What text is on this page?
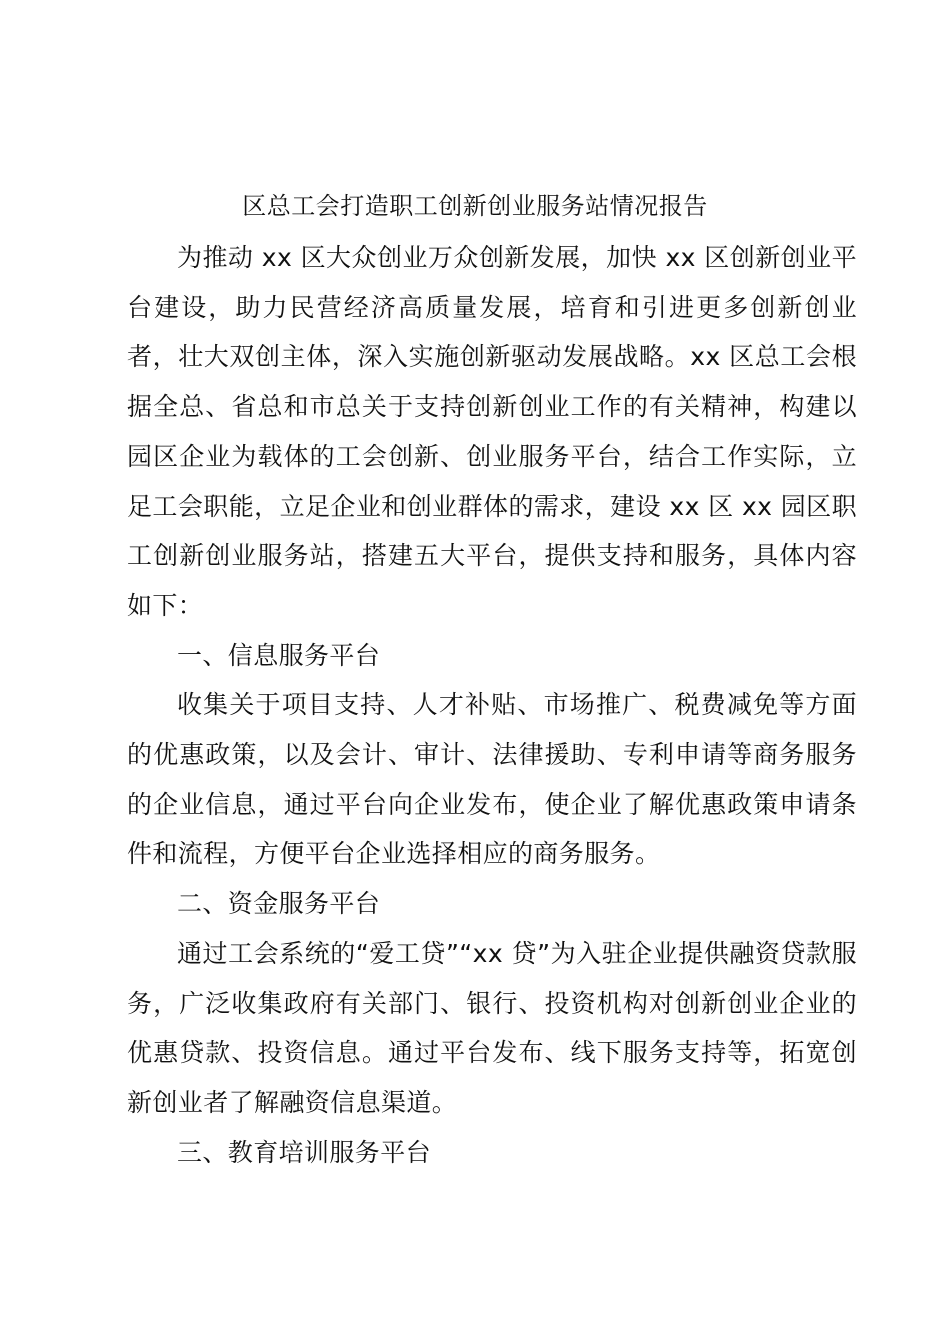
区总工会打造职工创新创业服务站情况报告

为推动 xx 区大众创业万众创新发展，加快 xx 区创新创业平台建设，助力民营经济高质量发展，培育和引进更多创新创业者，壮大双创主体，深入实施创新驱动发展战略。xx 区总工会根据全总、省总和市总关于支持创新创业工作的有关精神，构建以园区企业为载体的工会创新、创业服务平台，结合工作实际，立足工会职能，立足企业和创业群体的需求，建设 xx 区 xx 园区职工创新创业服务站，搭建五大平台，提供支持和服务，具体内容如下：

一、信息服务平台

收集关于项目支持、人才补贴、市场推广、税费减免等方面的优惠政策，以及会计、审计、法律援助、专利申请等商务服务的企业信息，通过平台向企业发布，使企业了解优惠政策申请条件和流程，方便平台企业选择相应的商务服务。

二、资金服务平台

通过工会系统的“爱工贷”“xx 贷”为入驻企业提供融资贷款服务，广泛收集政府有关部门、银行、投资机构对创新创业企业的优惠贷款、投资信息。通过平台发布、线下服务支持等，拓宽创新创业者了解融资信息渠道。

三、教育培训服务平台
